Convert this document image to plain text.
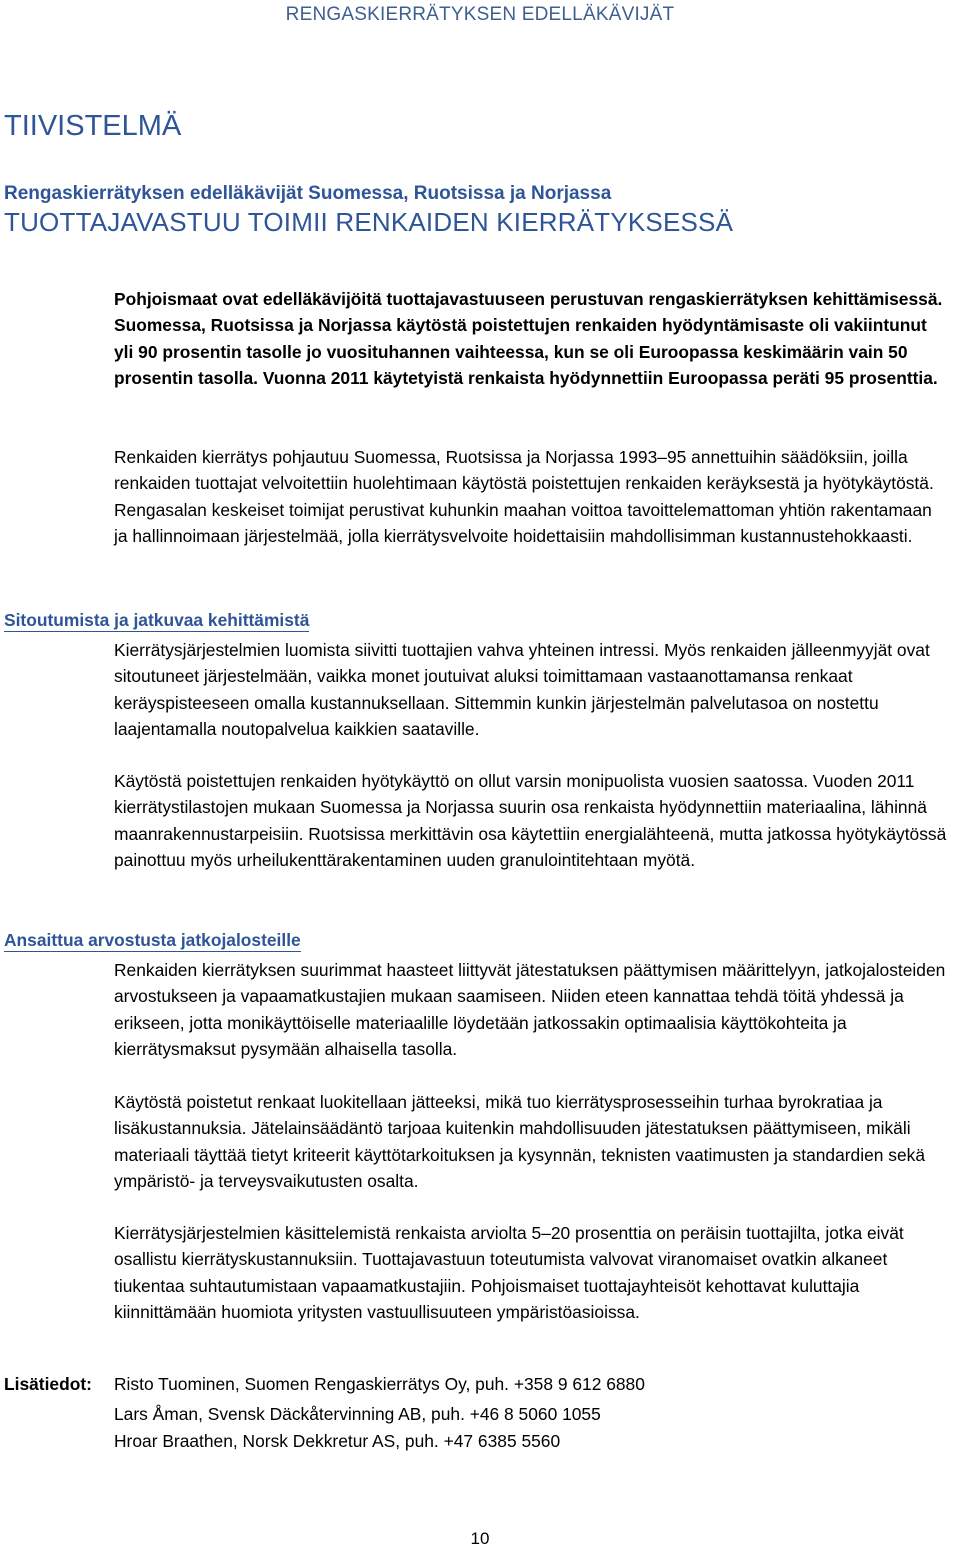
RENGASKIERRÄTYKSEN EDELLÄKÄVIJÄT
TIIVISTELMÄ
Rengaskierrätyksen edelläkävijät Suomessa, Ruotsissa ja Norjassa
TUOTTAJAVASTUU TOIMII RENKAIDEN KIERRÄTYKSESSÄ
Pohjoismaat ovat edelläkävijöitä tuottajavastuuseen perustuvan rengaskierrätyksen kehittämisessä. Suomessa, Ruotsissa ja Norjassa käytöstä poistettujen renkaiden hyödyntämisaste oli vakiintunut yli 90 prosentin tasolle jo vuosituhannen vaihteessa, kun se oli Euroopassa keskimäärin vain 50 prosentin tasolla. Vuonna 2011 käytetyistä renkaista hyödynnettiin Euroopassa peräti 95 prosenttia.
Renkaiden kierrätys pohjautuu Suomessa, Ruotsissa ja Norjassa 1993–95 annettuihin säädöksiin, joilla renkaiden tuottajat velvoitettiin huolehtimaan käytöstä poistettujen renkaiden keräyksestä ja hyötykäytöstä. Rengasalan keskeiset toimijat perustivat kuhunkin maahan voittoa tavoittelemattoman yhtiön rakentamaan ja hallinnoimaan järjestelmää, jolla kierrätysvelvoite hoidettaisiin mahdollisimman kustannustehokkaasti.
Sitoutumista ja jatkuvaa kehittämistä
Kierrätysjärjestelmien luomista siivitti tuottajien vahva yhteinen intressi. Myös renkaiden jälleenmyyjät ovat sitoutuneet järjestelmään, vaikka monet joutuivat aluksi toimittamaan vastaanottamansa renkaat keräyspisteeseen omalla kustannuksellaan. Sittemmin kunkin järjestelmän palvelutasoa on nostettu laajentamalla noutopalvelua kaikkien saataville.
Käytöstä poistettujen renkaiden hyötykäyttö on ollut varsin monipuolista vuosien saatossa. Vuoden 2011 kierrätystilastojen mukaan Suomessa ja Norjassa suurin osa renkaista hyödynnettiin materiaalina, lähinnä maanrakennustarpeisiin. Ruotsissa merkittävin osa käytettiin energialähteenä, mutta jatkossa hyötykäytössä painottuu myös urheilukenttärakentaminen uuden granulointitehtaan myötä.
Ansaittua arvostusta jatkojalosteille
Renkaiden kierrätyksen suurimmat haasteet liittyvät jätestatuksen päättymisen määrittelyyn, jatkojalosteiden arvostukseen ja vapaamatkustajien mukaan saamiseen. Niiden eteen kannattaa tehdä töitä yhdessä ja erikseen, jotta monikäyttöiselle materiaalille löydetään jatkossakin optimaalisia käyttökohteita ja kierrätysmaksut pysymään alhaisella tasolla.
Käytöstä poistetut renkaat luokitellaan jätteeksi, mikä tuo kierrätysprosesseihin turhaa byrokratiaa ja lisäkustannuksia. Jätelainsäädäntö tarjoaa kuitenkin mahdollisuuden jätestatuksen päättymiseen, mikäli materiaali täyttää tietyt kriteerit käyttötarkoituksen ja kysynnän, teknisten vaatimusten ja standardien sekä ympäristö- ja terveysvaikutusten osalta.
Kierrätysjärjestelmien käsittelemistä renkaista arviolta 5–20 prosenttia on peräisin tuottajilta, jotka eivät osallistu kierrätyskustannuksiin. Tuottajavastuun toteutumista valvovat viranomaiset ovatkin alkaneet tiukentaa suhtautumistaan vapaamatkustajiin. Pohjoismaiset tuottajayhteisöt kehottavat kuluttajia kiinnittämään huomiota yritysten vastuullisuuteen ympäristöasioissa.
Lisätiedot: Risto Tuominen, Suomen Rengaskierrätys Oy, puh. +358 9 612 6880
Lars Åman, Svensk Däckåtervinning AB, puh. +46 8 5060 1055
Hroar Braathen, Norsk Dekkretur AS, puh. +47 6385 5560
10
